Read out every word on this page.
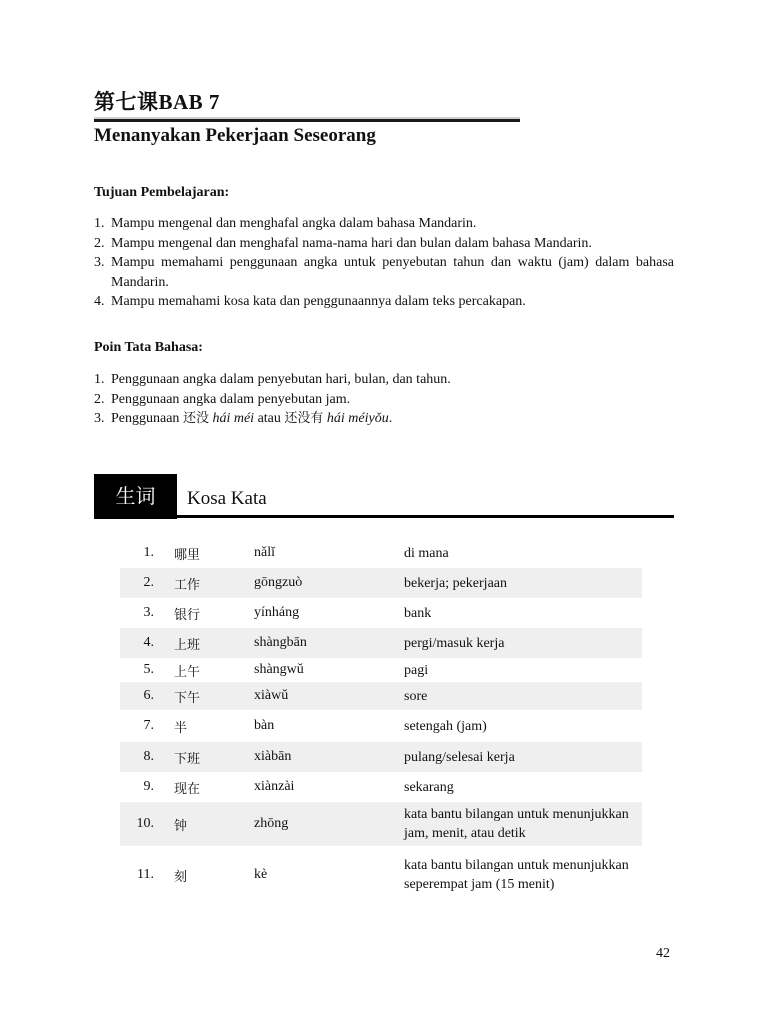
第七课BAB 7
Menanyakan Pekerjaan Seseorang
Tujuan Pembelajaran:
1. Mampu mengenal dan menghafal angka dalam bahasa Mandarin.
2. Mampu mengenal dan menghafal nama-nama hari dan bulan dalam bahasa Mandarin.
3. Mampu memahami penggunaan angka untuk penyebutan tahun dan waktu (jam) dalam bahasa Mandarin.
4. Mampu memahami kosa kata dan penggunaannya dalam teks percakapan.
Poin Tata Bahasa:
1. Penggunaan angka dalam penyebutan hari, bulan, dan tahun.
2. Penggunaan angka dalam penyebutan jam.
3. Penggunaan 还没 hái méi atau 还没有 hái méiyǒu.
生词	Kosa Kata
1.	哪里	nǎlǐ	di mana
2.	工作	gōngzuò	bekerja; pekerjaan
3.	银行	yínháng	bank
4.	上班	shàngbān	pergi/masuk kerja
5.	上午	shàngwǔ	pagi
6.	下午	xiàwǔ	sore
7.	半	bàn	setengah (jam)
8.	下班	xiàbān	pulang/selesai kerja
9.	现在	xiànzài	sekarang
10.	钟	zhōng
kata bantu bilangan untuk menunjukkan jam, menit, atau detik
11.	刻	kè
kata bantu bilangan untuk menunjukkan seperempat jam (15 menit)
42
